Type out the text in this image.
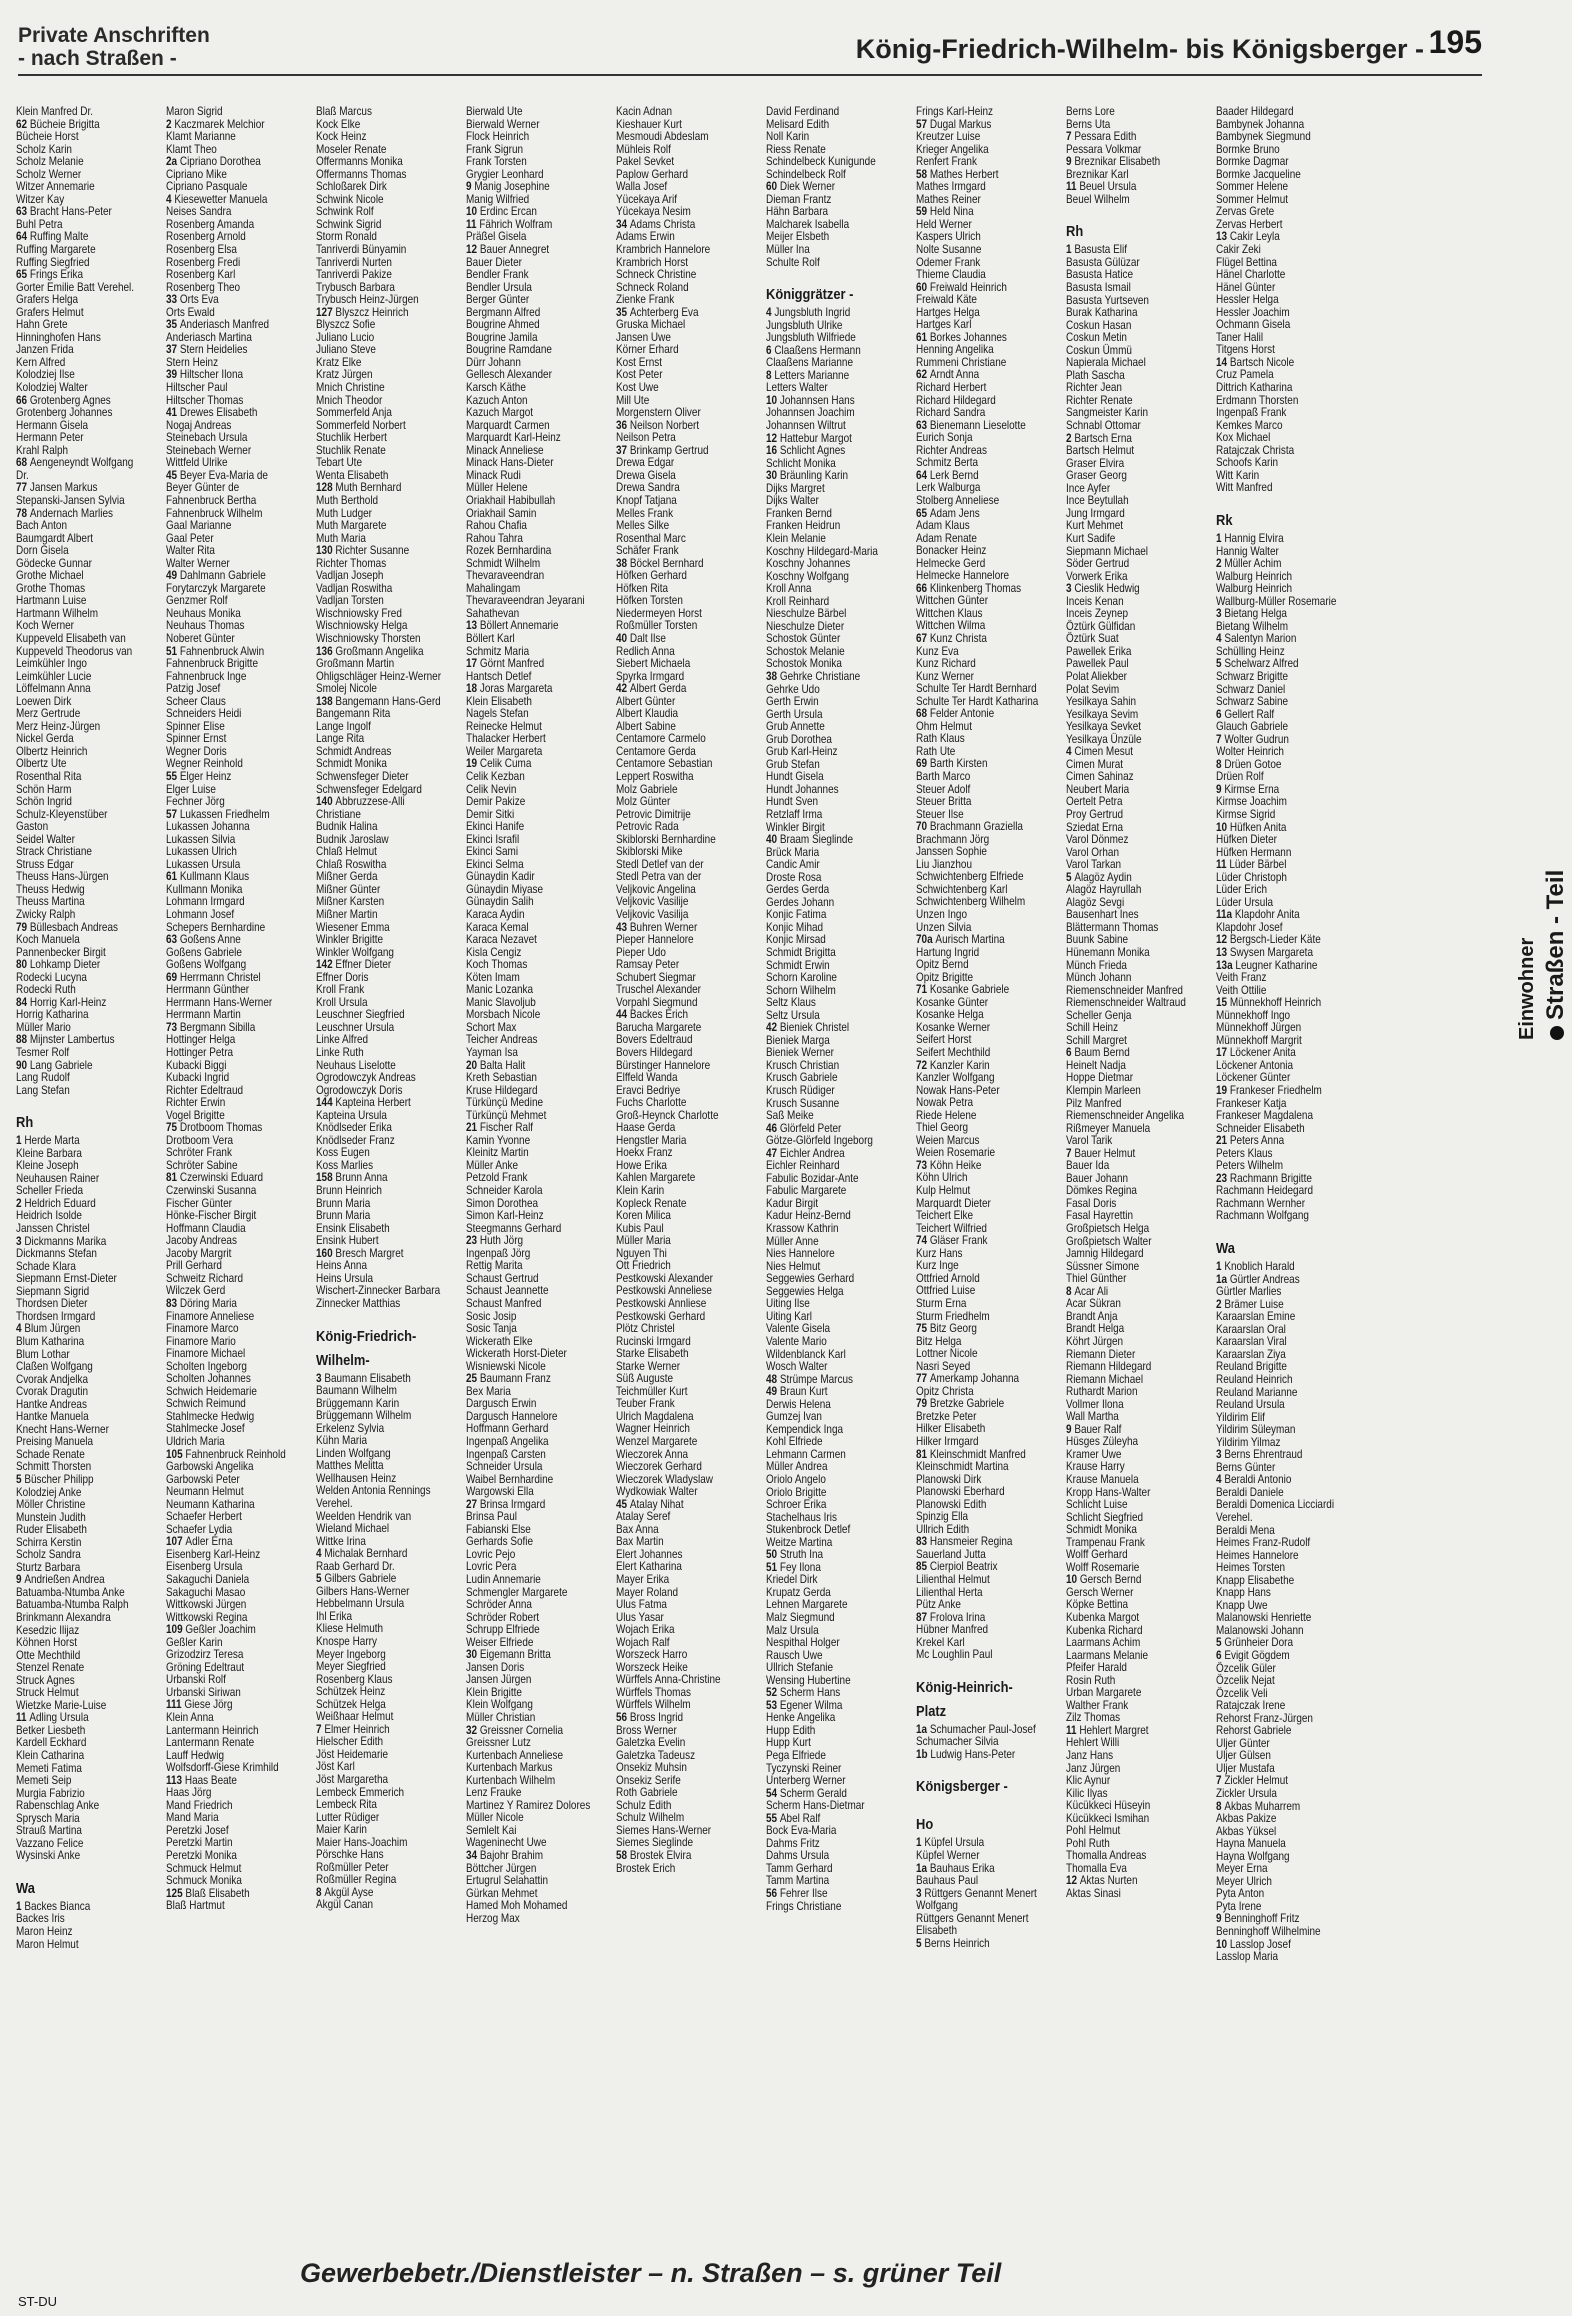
Private Anschriften
- nach Straßen -	König-Friedrich-Wilhelm- bis Königsberger - 195
Klein Manfred Dr.
62 Bücheie Brigitta
Bücheie Horst
Scholz Karin
Scholz Melanie
Scholz Werner
Witzer Annemarie
Witzer Kay
63 Bracht Hans-Peter
Buhl Petra
64 Ruffing Malte
Ruffing Margarete
Ruffing Siegfried
65 Frings Erika
Gorter Emilie Batt Verehel.
Grafers Helga
Grafers Helmut
Hahn Grete
Hinninghofen Hans
Janzen Frida
Kern Alfred
Kolodziej Ilse
Kolodziej Walter
66 Grotenberg Agnes
Grotenberg Johannes
Hermann Gisela
Hermann Peter
Krahl Ralph
68 Aengeneyndt Wolfgang
Dr.
77 Jansen Markus
Stepanski-Jansen Sylvia
78 Andernach Marlies
Bach Anton
Baumgardt Albert
Dorn Gisela
Gödecke Gunnar
Grothe Michael
Grothe Thomas
Hartmann Luise
Hartmann Wilhelm
Koch Werner
Kuppeveld Elisabeth van
Kuppeveld Theodorus van
Leimkühler Ingo
Leimkühler Lucie
Löffelmann Anna
Loewen Dirk
Merz Gertrude
Merz Heinz-Jürgen
Nickel Gerda
Olbertz Heinrich
Olbertz Ute
Rosenthal Rita
Schön Harm
Schön Ingrid
Schulz-Kleyenstüber
Gaston
Seidel Walter
Strack Christiane
Struss Edgar
Theuss Hans-Jürgen
Theuss Hedwig
Theuss Martina
Zwicky Ralph
79 Büllesbach Andreas
Koch Manuela
Pannenbecker Birgit
80 Lohkamp Dieter
Rodecki Lucyna
Rodecki Ruth
84 Horrig Karl-Heinz
Horrig Katharina
Müller Mario
88 Mijnster Lambertus
Tesmer Rolf
90 Lang Gabriele
Lang Rudolf
Lang Stefan
Rh
1 Herde Marta
Kleine Barbara
Kleine Joseph
Neuhausen Rainer
Scheller Frieda
2 Heldrich Eduard
Heidrich Isolde
Janssen Christel
3 Dickmanns Marika
Dickmanns Stefan
Schade Klara
Siepmann Ernst-Dieter
Siepmann Sigrid
Thordsen Dieter
Thordsen Irmgard
4 Blum Jürgen
Blum Katharina
Blum Lothar
Claßen Wolfgang
Cvorak Andjelka
Cvorak Dragutin
Hantke Andreas
Hantke Manuela
Knecht Hans-Werner
Preising Manuela
Schade Renate
Schmitt Thorsten
5 Büscher Philipp
Kolodziej Anke
Möller Christine
Munstein Judith
Ruder Elisabeth
Schirra Kerstin
Scholz Sandra
Sturtz Barbara
9 Andrießen Andrea
Batuamba-Ntumba Anke
Batuamba-Ntumba Ralph
Brinkmann Alexandra
Kesedzic Ilijaz
Köhnen Horst
Otte Mechthild
Stenzel Renate
Struck Agnes
Struck Helmut
Wietzke Marie-Luise
11 Adling Ursula
Betker Liesbeth
Kardell Eckhard
Klein Catharina
Memeti Fatima
Memeti Seip
Murgia Fabrizio
Rabenschlag Anke
Sprysch Maria
Strauß Martina
Vazzano Felice
Wysinski Anke
Wa
1 Backes Bianca
Backes Iris
Maron Heinz
Maron Helmut
Maron Sigrid
2 Kaczmarek Melchior
Klamt Marianne
Klamt Theo
2a Cipriano Dorothea
Cipriano Mike
Cipriano Pasquale
4 Kiesewetter Manuela
Neises Sandra
Rosenberg Amanda
Rosenberg Arnold
Rosenberg Elsa
Rosenberg Fredi
Rosenberg Karl
Rosenberg Theo
33 Orts Eva
Orts Ewald
35 Anderiasch Manfred
Anderiasch Martina
37 Stern Heidelies
Stern Heinz
39 Hiltscher Ilona
Hiltscher Paul
Hiltscher Thomas
41 Drewes Elisabeth
Nogaj Andreas
Steinebach Ursula
Steinebach Werner
Wittfeld Ulrike
45 Beyer Eva-Maria de
Beyer Günter de
Fahnenbruck Bertha
Fahnenbruck Wilhelm
Gaal Marianne
Gaal Peter
Walter Rita
Walter Werner
49 Dahlmann Gabriele
Forytarczyk Margarete
Genzmer Rolf
Neuhaus Monika
Neuhaus Thomas
Noberet Günter
51 Fahnenbruck Alwin
Fahnenbruck Brigitte
Fahnenbruck Inge
Patzig Josef
Scheer Claus
Schneiders Heidi
Spinner Elise
Spinner Ernst
Wegner Doris
Wegner Reinhold
55 Elger Heinz
Elger Luise
Fechner Jörg
57 Lukassen Friedhelm
Lukassen Johanna
Lukassen Silvia
Lukassen Ulrich
Lukassen Ursula
61 Kullmann Klaus
Kullmann Monika
Lohmann Irmgard
Lohmann Josef
Schepers Bernhardine
63 Goßens Anne
Goßens Gabriele
Goßens Wolfgang
69 Herrmann Christel
Herrmann Günther
Herrmann Hans-Werner
Herrmann Martin
73 Bergmann Sibilla
Hottinger Helga
Hottinger Petra
Kubacki Biggi
Kubacki Ingrid
Richter Edeltraud
Richter Erwin
Vogel Brigitte
75 Drotboom Thomas
Drotboom Vera
Schröter Frank
Schröter Sabine
81 Czerwinski Eduard
Czerwinski Susanna
Fischer Günter
Hönke-Fischer Birgit
Hoffmann Claudia
Jacoby Andreas
Jacoby Margrit
Prill Gerhard
Schweitz Richard
Wilczek Gerd
83 Döring Maria
Finamore Anneliese
Finamore Marco
Finamore Mario
Finamore Michael
Scholten Ingeborg
Scholten Johannes
Schwich Heidemarie
Schwich Reimund
Stahlmecke Hedwig
Stahlmecke Josef
Uldrich Maria
105 Fahnenbruck Reinhold
Garbowski Angelika
Garbowski Peter
Neumann Helmut
Neumann Katharina
Schaefer Herbert
Schaefer Lydia
107 Adler Erna
Eisenberg Karl-Heinz
Eisenberg Ursula
Sakaguchi Daniela
Sakaguchi Masao
Wittkowski Jürgen
Wittkowski Regina
109 Geßler Joachim
Geßler Karin
Grizodzirz Teresa
Gröning Edeltraut
Urbanski Rolf
Urbanski Siriwan
111 Giese Jörg
Klein Anna
Lantermann Heinrich
Lantermann Renate
Lauff Hedwig
Wolfsdorff-Giese Krimhild
113 Haas Beate
Haas Jörg
Mand Friedrich
Mand Maria
Peretzki Josef
Peretzki Martin
Peretzki Monika
Schmuck Helmut
Schmuck Monika
125 Blaß Elisabeth
Blaß Hartmut
Blaß Marcus
Kock Elke
Kock Heinz
Moseler Renate
Offermanns Monika
Offermanns Thomas
Schloßarek Dirk
Schwink Nicole
Schwink Rolf
Schwink Sigrid
Storm Ronald
Tanriverdi Bünyamin
Tanriverdi Nurten
Tanriverdi Pakize
Trybusch Barbara
Trybusch Heinz-Jürgen
127 Blyszcz Heinrich
Blyszcz Sofie
Juliano Lucio
Juliano Steve
Kratz Elke
Kratz Jürgen
Mnich Christine
Mnich Theodor
Sommerfeld Anja
Sommerfeld Norbert
Stuchlik Herbert
Stuchlik Renate
Tebart Ute
Wenta Elisabeth
128 Muth Bernhard
Muth Berthold
Muth Ludger
Muth Margarete
Muth Maria
130 Richter Susanne
Richter Thomas
Vadljan Joseph
Vadljan Roswitha
Vadljan Torsten
Wischniowsky Fred
Wischniowsky Helga
Wischniowsky Thorsten
136 Großmann Angelika
Großmann Martin
Ohligschläger Heinz-Werner
Smolej Nicole
138 Bangemann Hans-Gerd
Bangemann Rita
Lange Ingolf
Lange Rita
Schmidt Andreas
Schmidt Monika
Schwensfeger Dieter
Schwensfeger Edelgard
140 Abbruzzese-Alli
Christiane
Budnik Halina
Budnik Jaroslaw
Chlaß Helmut
Chlaß Roswitha
Mißner Gerda
Mißner Günter
Mißner Karsten
Mißner Martin
Wiesener Emma
Winkler Brigitte
Winkler Wolfgang
142 Effner Dieter
Effner Doris
Kroll Frank
Kroll Ursula
Leuschner Siegfried
Leuschner Ursula
Linke Alfred
Linke Ruth
Neuhaus Liselotte
Ogrodowczyk Andreas
Ogrodowczyk Doris
144 Kapteina Herbert
Kapteina Ursula
Knödlseder Erika
Knödlseder Franz
Koss Eugen
Koss Marlies
158 Brunn Anna
Brunn Heinrich
Brunn Maria
Brunn Maria
Ensink Elisabeth
Ensink Hubert
160 Bresch Margret
Heins Anna
Heins Ursula
Wischert-Zinnecker Barbara
Zinnecker Matthias
König-Friedrich-
Wilhelm-
3 Baumann Elisabeth
Baumann Wilhelm
Brüggemann Karin
Brüggemann Wilhelm
Erkelenz Sylvia
Kühn Maria
Linden Wolfgang
Matthes Melitta
Wellhausen Heinz
Welden Antonia Rennings
Verehel.
Weelden Hendrik van
Wieland Michael
Wittke Irina
4 Michalak Bernhard
Raab Gerhard Dr.
5 Gilbers Gabriele
Gilbers Hans-Werner
Hebbelmann Ursula
Ihl Erika
Kliese Helmuth
Knospe Harry
Meyer Ingeborg
Meyer Siegfried
Rosenberg Klaus
Schützek Heinz
Schützek Helga
Weißhaar Helmut
7 Elmer Heinrich
Hielscher Edith
Jöst Heidemarie
Jöst Karl
Jöst Margaretha
Lembeck Emmerich
Lembeck Rita
Lutter Rüdiger
Maier Karin
Maier Hans-Joachim
Pörschke Hans
Roßmüller Peter
Roßmüller Regina
8 Akgül Ayse
Akgül Canan
Bierwald Ute
Bierwald Werner
Flock Heinrich
Frank Sigrun
Frank Torsten
Grygier Leonhard
9 Manig Josephine
Manig Wilfried
10 Erdinc Ercan
11 Fährich Wolfram
Präßel Gisela
12 Bauer Annegret
Bauer Dieter
Bendler Frank
Bendler Ursula
Berger Günter
Bergmann Alfred
Bougrine Ahmed
Bougrine Jamila
Bougrine Ramdane
Dürr Johann
Gellesch Alexander
Karsch Käthe
Kazuch Anton
Kazuch Margot
Marquardt Carmen
Marquardt Karl-Heinz
Minack Anneliese
Minack Hans-Dieter
Minack Rudi
Müller Helene
Oriakhail Habibullah
Oriakhail Samin
Rahou Chafia
Rahou Tahra
Rozek Bernhardina
Schmidt Wilhelm
Thevaraveendran
Mahalingam
Thevaraveendran Jeyarani
Sahathevan
13 Böllert Annemarie
Böllert Karl
Schmitz Maria
17 Görnt Manfred
Hantsch Detlef
18 Joras Margareta
Klein Elisabeth
Nagels Stefan
Reinecke Helmut
Thalacker Herbert
Weiler Margareta
19 Celik Cuma
Celik Kezban
Celik Nevin
Demir Pakize
Demir Sitki
Ekinci Hanife
Ekinci Israfil
Ekinci Sami
Ekinci Selma
Günaydin Kadir
Günaydin Miyase
Günaydin Salih
Karaca Aydin
Karaca Kemal
Karaca Nezavet
Kisla Cengiz
Koch Thomas
Köten Imam
Manic Lozanka
Manic Slavoljub
Morsbach Nicole
Schort Max
Teicher Andreas
Yayman Isa
20 Balta Halit
Kreth Sebastian
Kruse Hildegard
Türkünçü Medine
Türkünçü Mehmet
21 Fischer Ralf
Kamin Yvonne
Kleinitz Martin
Müller Anke
Petzold Frank
Schneider Karola
Simon Dorothea
Simon Karl-Heinz
Steegmanns Gerhard
23 Huth Jörg
Ingenpaß Jörg
Rettig Marita
Schaust Gertrud
Schaust Jeannette
Schaust Manfred
Sosic Josip
Sosic Tanja
Wickerath Elke
Wickerath Horst-Dieter
Wisniewski Nicole
25 Baumann Franz
Bex Maria
Dargusch Erwin
Dargusch Hannelore
Hoffmann Gerhard
Ingenpaß Angelika
Ingenpaß Carsten
Schneider Ursula
Waibel Bernhardine
Wargowski Ella
27 Brinsa Irmgard
Brinsa Paul
Fabianski Else
Gerhards Sofie
Lovric Pejo
Lovric Pera
Ludin Annemarie
Schmengler Margarete
Schröder Anna
Schröder Robert
Schrupp Elfriede
Weiser Elfriede
30 Eigemann Britta
Jansen Doris
Jansen Jürgen
Klein Brigitte
Klein Wolfgang
Müller Christian
32 Greissner Cornelia
Greissner Lutz
Kurtenbach Anneliese
Kurtenbach Markus
Kurtenbach Wilhelm
Lenz Frauke
Martinez Y Ramirez Dolores
Müller Nicole
Semlelt Kai
Wageninecht Uwe
34 Bajohr Brahim
Böttcher Jürgen
Ertugrul Selahattin
Gürkan Mehmet
Hamed Moh Mohamed
Herzog Max
Kacin Adnan
Kieshauer Kurt
Mesmoudi Abdeslam
Mühleis Rolf
Pakel Sevket
Paplow Gerhard
Walla Josef
Yücekaya Arif
Yücekaya Nesim
34 Adams Christa
Adams Erwin
Krambrich Hannelore
Krambrich Horst
Schneck Christine
Schneck Roland
Zienke Frank
35 Achterberg Eva
Gruska Michael
Jansen Uwe
Körner Erhard
Kost Ernst
Kost Peter
Kost Uwe
Mill Ute
Morgenstern Oliver
36 Neilson Norbert
Neilson Petra
37 Brinkamp Gertrud
Drewa Edgar
Drewa Gisela
Drewa Sandra
Knopf Tatjana
Melles Frank
Melles Silke
Rosenthal Marc
Schäfer Frank
38 Böckel Bernhard
Höfken Gerhard
Höfken Rita
Höfken Torsten
Niedermeyen Horst
Roßmüller Torsten
40 Dalt Ilse
Redlich Anna
Siebert Michaela
Spyrka Irmgard
42 Albert Gerda
Albert Günter
Albert Klaudia
Albert Sabine
Centamore Carmelo
Centamore Gerda
Centamore Sebastian
Leppert Roswitha
Molz Gabriele
Molz Günter
Petrovic Dimitrije
Petrovic Rada
Skiblorski Bernhardine
Skiblorski Mike
Stedl Detlef van der
Stedl Petra van der
Veljkovic Angelina
Veljkovic Vasilije
Veljkovic Vasilija
43 Buhren Werner
Pieper Hannelore
Pieper Udo
Ramsay Peter
Schubert Siegmar
Truschel Alexander
Vorpahl Siegmund
44 Backes Erich
Barucha Margarete
Bovers Edeltraud
Bovers Hildegard
Bürstinger Hannelore
Elffeld Wanda
Eravci Bedriye
Fuchs Charlotte
Groß-Heynck Charlotte
Haase Gerda
Hengstler Maria
Hoekx Franz
Howe Erika
Kahlen Margarete
Klein Karin
Kopleck Renate
Koren Milica
Kubis Paul
Müller Maria
Nguyen Thi
Ott Friedrich
Pestkowski Alexander
Pestkowski Anneliese
Pestkowski Annliese
Pestkowski Gerhard
Plötz Christel
Rucinski Irmgard
Starke Elisabeth
Starke Werner
Süß Auguste
Teichmüller Kurt
Teuber Frank
Ulrich Magdalena
Wagner Heinrich
Wenzel Margarete
Wieczorek Anna
Wieczorek Gerhard
Wieczorek Wladyslaw
Wydkowiak Walter
45 Atalay Nihat
Atalay Seref
Bax Anna
Bax Martin
Elert Johannes
Elert Katharina
Mayer Erika
Mayer Roland
Ulus Fatma
Ulus Yasar
Wojach Erika
Wojach Ralf
Worszeck Harro
Worszeck Heike
Würffels Anna-Christine
Würffels Thomas
Würffels Wilhelm
56 Bross Ingrid
Bross Werner
Galetzka Evelin
Galetzka Tadeusz
Onsekiz Muhsin
Onsekiz Serife
Roth Gabriele
Schulz Edith
Schulz Wilhelm
Siemes Hans-Werner
Siemes Sieglinde
58 Brostek Elvira
Brostek Erich
David Ferdinand
Melisard Edith
Noll Karin
Riess Renate
Schindelbeck Kunigunde
Schindelbeck Rolf
60 Diek Werner
Dieman Frantz
Hähn Barbara
Malcharek Isabella
Meijer Elsbeth
Müller Ina
Schulte Rolf
Königgrätzer -
4 Jungsbluth Ingrid
Jungsbluth Ulrike
Jungsbluth Wilfriede
6 Claaßens Hermann
Claaßens Marianne
8 Letters Marianne
Letters Walter
10 Johannsen Hans
Johannsen Joachim
Johannsen Wiltrut
12 Hattebur Margot
16 Schlicht Agnes
Schlicht Monika
30 Bräunling Karin
Dijks Margret
Dijks Walter
Franken Bernd
Franken Heidrun
Klein Melanie
Koschny Hildegard-Maria
Koschny Johannes
Koschny Wolfgang
Kroll Anna
Kroll Reinhard
Nieschulze Bärbel
Nieschulze Dieter
Schostok Günter
Schostok Melanie
Schostok Monika
38 Gehrke Christiane
Gehrke Udo
Gerth Erwin
Gerth Ursula
Grub Annette
Grub Dorothea
Grub Karl-Heinz
Grub Stefan
Hundt Gisela
Hundt Johannes
Hundt Sven
Retzlaff Irma
Winkler Birgit
40 Braam Sieglinde
Brück Maria
Candic Amir
Droste Rosa
Gerdes Gerda
Gerdes Johann
Konjic Fatima
Konjic Mihad
Konjic Mirsad
Schmidt Brigitta
Schmidt Erwin
Schorn Karoline
Schorn Wilhelm
Seltz Klaus
Seltz Ursula
42 Bieniek Christel
Bieniek Marga
Bieniek Werner
Krusch Christian
Krusch Gabriele
Krusch Rüdiger
Krusch Susanne
Saß Meike
46 Glörfeld Peter
Götze-Glörfeld Ingeborg
47 Eichler Andrea
Eichler Reinhard
Fabulic Bozidar-Ante
Fabulic Margarete
Kadur Birgit
Kadur Heinz-Bernd
Krassow Kathrin
Müller Anne
Nies Hannelore
Nies Helmut
Seggewies Gerhard
Seggewies Helga
Uiting Ilse
Uiting Karl
Valente Gisela
Valente Mario
Wildenblanck Karl
Wosch Walter
48 Strümpe Marcus
49 Braun Kurt
Derwis Helena
Gumzej Ivan
Kempendick Inga
Kohl Elfriede
Lehmann Carmen
Müller Andrea
Oriolo Angelo
Oriolo Brigitte
Schroer Erika
Stachelhaus Iris
Stukenbrock Detlef
Weitze Martina
50 Struth Ina
51 Fey Ilona
Kriedel Dirk
Krupatz Gerda
Lehnen Margarete
Malz Siegmund
Malz Ursula
Nespithal Holger
Rausch Uwe
Ullrich Stefanie
Wensing Hubertine
52 Scherm Hans
53 Egener Wilma
Henke Angelika
Hupp Edith
Hupp Kurt
Pega Elfriede
Tyczynski Reiner
Unterberg Werner
54 Scherm Gerald
Scherm Hans-Dietmar
55 Abel Ralf
Bock Eva-Maria
Dahms Fritz
Dahms Ursula
Tamm Gerhard
Tamm Martina
56 Fehrer Ilse
Frings Christiane
Frings Karl-Heinz
57 Dugal Markus
Kreutzer Luise
Krieger Angelika
Renfert Frank
58 Mathes Herbert
Mathes Irmgard
Mathes Reiner
59 Held Nina
Held Werner
Kaspers Ulrich
Nolte Susanne
Odemer Frank
Thieme Claudia
60 Freiwald Heinrich
Freiwald Käte
Hartges Helga
Hartges Karl
61 Borkes Johannes
Henning Angelika
Rummeni Christiane
62 Arndt Anna
Richard Herbert
Richard Hildegard
Richard Sandra
63 Bienemann Lieselotte
Eurich Sonja
Richter Andreas
Schmitz Berta
64 Lerk Bernd
Lerk Walburga
Stolberg Anneliese
65 Adam Jens
Adam Klaus
Adam Renate
Bonacker Heinz
Helmecke Gerd
Helmecke Hannelore
66 Klinkenberg Thomas
Wittchen Günter
Wittchen Klaus
Wittchen Wilma
67 Kunz Christa
Kunz Eva
Kunz Richard
Kunz Werner
Schulte Ter Hardt Bernhard
Schulte Ter Hardt Katharina
68 Felder Antonie
Ohm Helmut
Rath Klaus
Rath Ute
69 Barth Kirsten
Barth Marco
Steuer Adolf
Steuer Britta
Steuer Ilse
70 Brachmann Graziella
Brachmann Jörg
Janssen Sophie
Liu Jianzhou
Schwichtenberg Elfriede
Schwichtenberg Karl
Schwichtenberg Wilhelm
Unzen Ingo
Unzen Silvia
70a Aurisch Martina
Hartung Ingrid
Opitz Bernd
Opitz Brigitte
71 Kosanke Gabriele
Kosanke Günter
Kosanke Helga
Kosanke Werner
Seifert Horst
Seifert Mechthild
72 Kanzler Karin
Kanzler Wolfgang
Nowak Hans-Peter
Nowak Petra
Riede Helene
Thiel Georg
Weien Marcus
Weien Rosemarie
73 Köhn Heike
Köhn Ulrich
Kulp Helmut
Marquardt Dieter
Teichert Elke
Teichert Wilfried
74 Gläser Frank
Kurz Hans
Kurz Inge
Ottfried Arnold
Ottfried Luise
Sturm Erna
Sturm Friedhelm
75 Bitz Georg
Bitz Helga
Lottner Nicole
Nasri Seyed
77 Amerkamp Johanna
Opitz Christa
79 Bretzke Gabriele
Bretzke Peter
Hilker Elisabeth
Hilker Irmgard
81 Kleinschmidt Manfred
Kleinschmidt Martina
Planowski Dirk
Planowski Eberhard
Planowski Edith
Spinzig Ella
Ullrich Edith
83 Hansmeier Regina
Sauerland Jutta
85 Cierpiol Beatrix
Lilienthal Helmut
Lilienthal Herta
Pütz Anke
87 Frolova Irina
Hübner Manfred
Krekel Karl
Mc Loughlin Paul
König-Heinrich-
Platz
1a Schumacher Paul-Josef
Schumacher Silvia
1b Ludwig Hans-Peter
Königsberger -
Ho
1 Küpfel Ursula
Küpfel Werner
1a Bauhaus Erika
Bauhaus Paul
3 Rüttgers Genannt Menert
Wolfgang
Rüttgers Genannt Menert
Elisabeth
5 Berns Heinrich
Berns Lore
Berns Uta
7 Pessara Edith
Pessara Volkmar
9 Breznikar Elisabeth
Breznikar Karl
11 Beuel Ursula
Beuel Wilhelm
Rh
1 Basusta Elif
Basusta Gülüzar
Basusta Hatice
Basusta Ismail
Basusta Yurtseven
Burak Katharina
Coskun Hasan
Coskun Metin
Coskun Ümmü
Napierala Michael
Plath Sascha
Richter Jean
Richter Renate
Sangmeister Karin
Schnabl Ottomar
2 Bartsch Erna
Bartsch Helmut
Graser Elvira
Graser Georg
Ince Ayfer
Ince Beytullah
Jung Irmgard
Kurt Mehmet
Kurt Sadife
Siepmann Michael
Söder Gertrud
Vorwerk Erika
3 Cieslik Hedwig
Inceis Kenan
Inceis Zeynep
Öztürk Gülfidan
Öztürk Suat
Pawellek Erika
Pawellek Paul
Polat Aliekber
Polat Sevim
Yesilkaya Sahin
Yesilkaya Sevim
Yesilkaya Sevket
Yesilkaya Ünzüle
4 Cimen Mesut
Cimen Murat
Cimen Sahinaz
Neubert Maria
Oertelt Petra
Proy Gertrud
Sziedat Erna
Varol Dönmez
Varol Orhan
Varol Tarkan
5 Alagöz Aydin
Alagöz Hayrullah
Alagöz Sevgi
Bausenhart Ines
Blättermann Thomas
Buunk Sabine
Hünemann Monika
Münch Frieda
Münch Johann
Riemenschneider Manfred
Riemenschneider Waltraud
Scheller Genja
Schill Heinz
Schill Margret
6 Baum Bernd
Heinelt Nadja
Hoppe Dietmar
Klempin Marleen
Pilz Manfred
Riemenschneider Angelika
Rißmeyer Manuela
Varol Tarik
7 Bauer Helmut
Bauer Ida
Bauer Johann
Dömkes Regina
Fasal Doris
Fasal Hayrettin
Großpietsch Helga
Großpietsch Walter
Jamnig Hildegard
Süssner Simone
Thiel Günther
8 Acar Ali
Acar Sükran
Brandt Anja
Brandt Helga
Köhrt Jürgen
Riemann Dieter
Riemann Hildegard
Riemann Michael
Ruthardt Marion
Vollmer Ilona
Wall Martha
9 Bauer Ralf
Hüsges Züleyha
Kramer Uwe
Krause Harry
Krause Manuela
Kropp Hans-Walter
Schlicht Luise
Schlicht Siegfried
Schmidt Monika
Trampenau Frank
Wolff Gerhard
Wolff Rosemarie
10 Gersch Bernd
Gersch Werner
Köpke Bettina
Kubenka Margot
Kubenka Richard
Laarmans Achim
Laarmans Melanie
Pfeifer Harald
Rosin Ruth
Urban Margarete
Walther Frank
Zilz Thomas
11 Hehlert Margret
Hehlert Willi
Janz Hans
Janz Jürgen
Klic Aynur
Kilic Ilyas
Kücükkeci Hüseyin
Kücükkeci Ismihan
Pohl Helmut
Pohl Ruth
Thomalla Andreas
Thomalla Eva
12 Aktas Nurten
Aktas Sinasi
Baader Hildegard
Bambynek Johanna
Bambynek Siegmund
Bormke Bruno
Bormke Dagmar
Bormke Jacqueline
Sommer Helene
Sommer Helmut
Zervas Grete
Zervas Herbert
13 Cakir Leyla
Cakir Zeki
Flügel Bettina
Hänel Charlotte
Hänel Günter
Hessler Helga
Hessler Joachim
Ochmann Gisela
Taner Halil
Titgens Horst
14 Bartsch Nicole
Cruz Pamela
Dittrich Katharina
Erdmann Thorsten
Ingenpaß Frank
Kemkes Marco
Kox Michael
Ratajczak Christa
Schoofs Karin
Witt Karin
Witt Manfred
Rk
1 Hannig Elvira
Hannig Walter
2 Müller Achim
Walburg Heinrich
Walburg Heinrich
Wallburg-Müller Rosemarie
3 Bietang Helga
Bietang Wilhelm
4 Salentyn Marion
Schülling Heinz
5 Schelwarz Alfred
Schwarz Brigitte
Schwarz Daniel
Schwarz Sabine
6 Gellert Ralf
Glauch Gabriele
7 Wolter Gudrun
Wolter Heinrich
8 Drüen Gotoe
Drüen Rolf
9 Kirmse Erna
Kirmse Joachim
Kirmse Sigrid
10 Hüfken Anita
Hüfken Dieter
Hüfken Hermann
11 Lüder Bärbel
Lüder Christoph
Lüder Erich
Lüder Ursula
11a Klapdohr Anita
Klapdohr Josef
12 Bergsch-Lieder Käte
13 Swysen Margareta
13a Leugner Katharine
Veith Franz
Veith Ottilie
15 Münnekhoff Heinrich
Münnekhoff Ingo
Münnekhoff Jürgen
Münnekhoff Margrit
17 Löckener Anita
Löckener Antonia
Löckener Günter
19 Frankeser Friedhelm
Frankeser Katja
Frankeser Magdalena
Schneider Elisabeth
21 Peters Anna
Peters Klaus
Peters Wilhelm
23 Rachmann Brigitte
Rachmann Heidegard
Rachmann Wernher
Rachmann Wolfgang
Wa
1 Knoblich Harald
1a Gürtler Andreas
Gürtler Marlies
2 Brämer Luise
Karaarslan Emine
Karaarslan Oral
Karaarslan Viral
Karaarslan Ziya
Reuland Brigitte
Reuland Heinrich
Reuland Marianne
Reuland Ursula
Yildirim Elif
Yildirim Süleyman
Yildirim Yilmaz
3 Berns Ehrentraud
Berns Günter
4 Beraldi Antonio
Beraldi Daniele
Beraldi Domenica Licciardi
Verehel.
Beraldi Mena
Heimes Franz-Rudolf
Heimes Hannelore
Heimes Torsten
Knapp Elisabethe
Knapp Hans
Knapp Uwe
Malanowski Henriette
Malanowski Johann
5 Grünheier Dora
6 Evigit Gögdem
Özcelik Güler
Özcelik Nejat
Özcelik Veli
Ratajczak Irene
Rehorst Franz-Jürgen
Rehorst Gabriele
Uljer Günter
Uljer Gülsen
Uljer Mustafa
7 Zickler Helmut
Zickler Ursula
8 Akbas Muharrem
Akbas Pakize
Akbas Yüksel
Hayna Manuela
Hayna Wolfgang
Meyer Erna
Meyer Ulrich
Pyta Anton
Pyta Irene
9 Benninghoff Fritz
Benninghoff Wilhelmine
10 Lasslop Josef
Lasslop Maria
Einwohner Straßen - Teil
Gewerbebetr./Dienstleister – n. Straßen – s. grüner Teil
ST-DU
